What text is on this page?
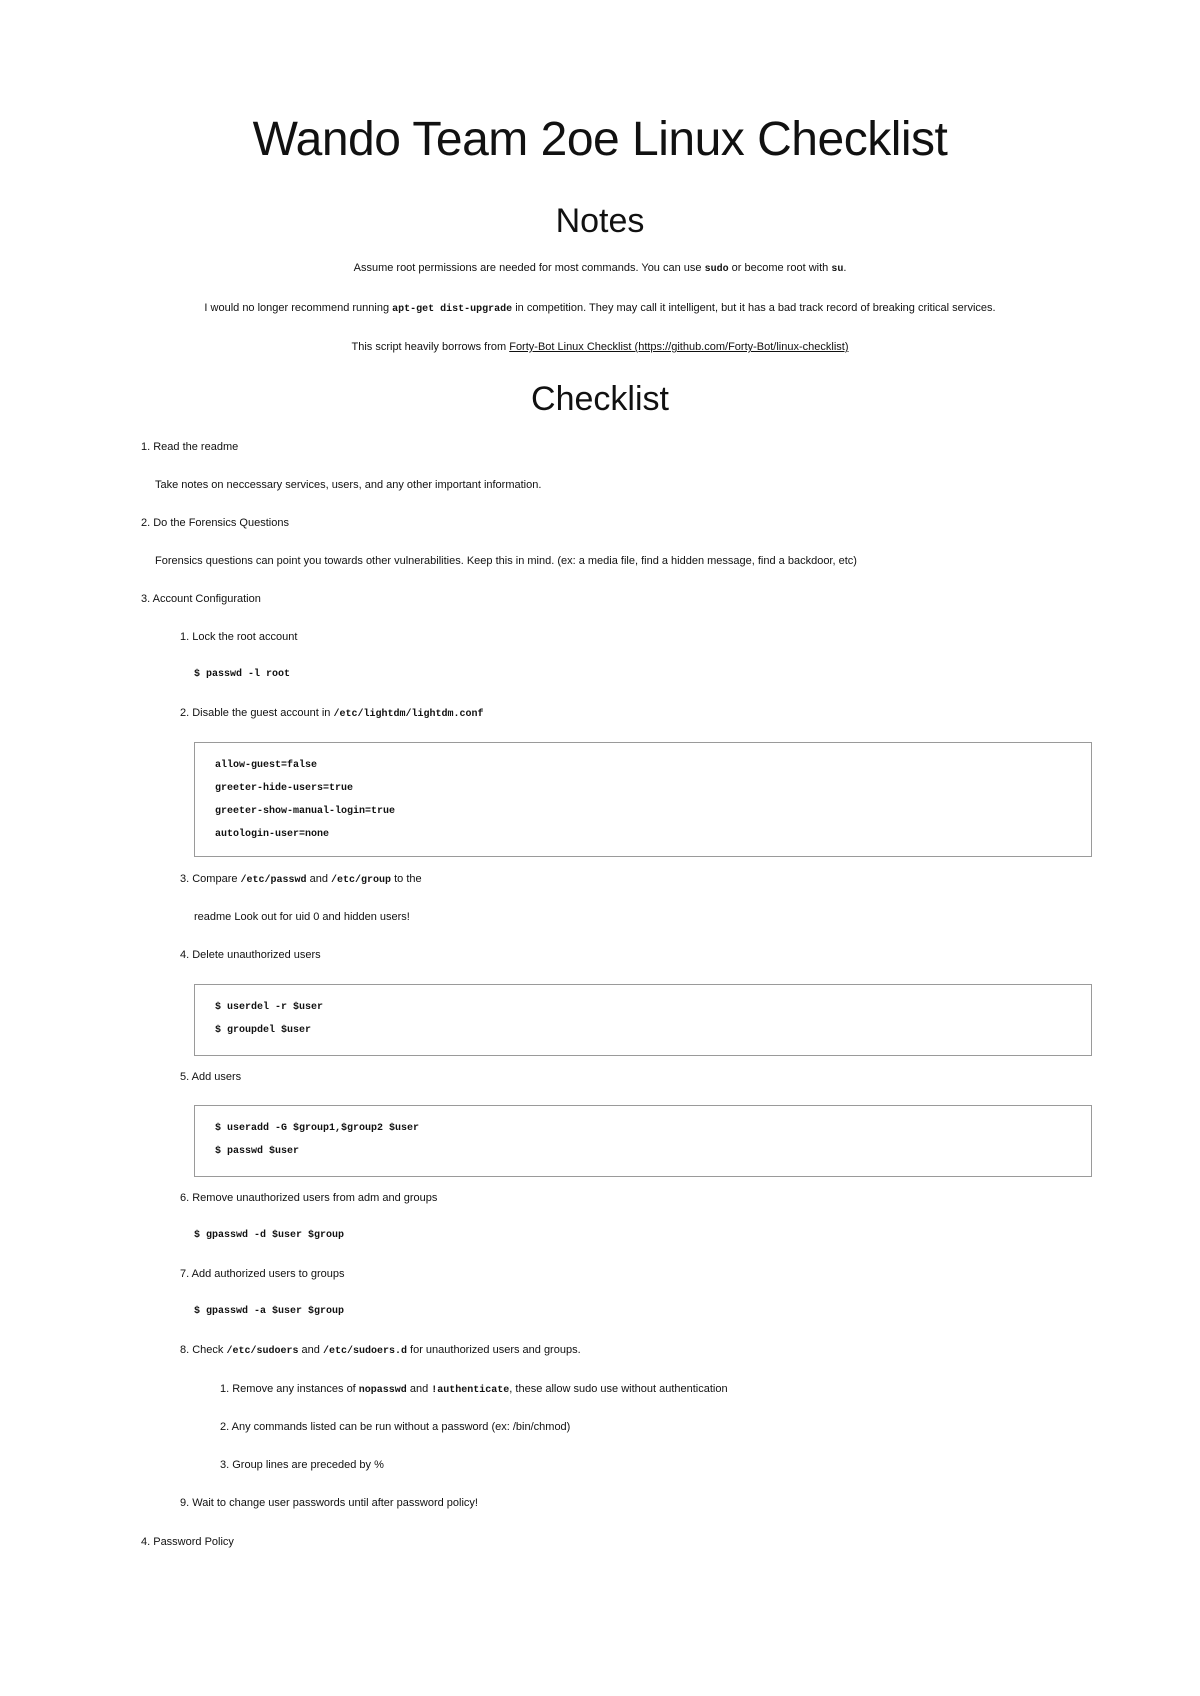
Wando Team 2oe Linux Checklist
Notes
Assume root permissions are needed for most commands. You can use sudo or become root with su.
I would no longer recommend running apt-get dist-upgrade in competition. They may call it intelligent, but it has a bad track record of breaking critical services.
This script heavily borrows from Forty-Bot Linux Checklist (https://github.com/Forty-Bot/linux-checklist)
Checklist
1. Read the readme
Take notes on neccessary services, users, and any other important information.
2. Do the Forensics Questions
Forensics questions can point you towards other vulnerabilities. Keep this in mind. (ex: a media file, find a hidden message, find a backdoor, etc)
3. Account Configuration
1. Lock the root account
$ passwd -l root
2. Disable the guest account in /etc/lightdm/lightdm.conf
allow-guest=false
greeter-hide-users=true
greeter-show-manual-login=true
autologin-user=none
3. Compare /etc/passwd and /etc/group to the
readme Look out for uid 0 and hidden users!
4. Delete unauthorized users
$ userdel -r $user
$ groupdel $user
5. Add users
$ useradd -G $group1,$group2 $user
$ passwd $user
6. Remove unauthorized users from adm and groups
$ gpasswd -d $user $group
7. Add authorized users to groups
$ gpasswd -a $user $group
8. Check /etc/sudoers and /etc/sudoers.d for unauthorized users and groups.
1. Remove any instances of nopasswd and !authenticate, these allow sudo use without authentication
2. Any commands listed can be run without a password (ex: /bin/chmod)
3. Group lines are preceded by %
9. Wait to change user passwords until after password policy!
4. Password Policy
